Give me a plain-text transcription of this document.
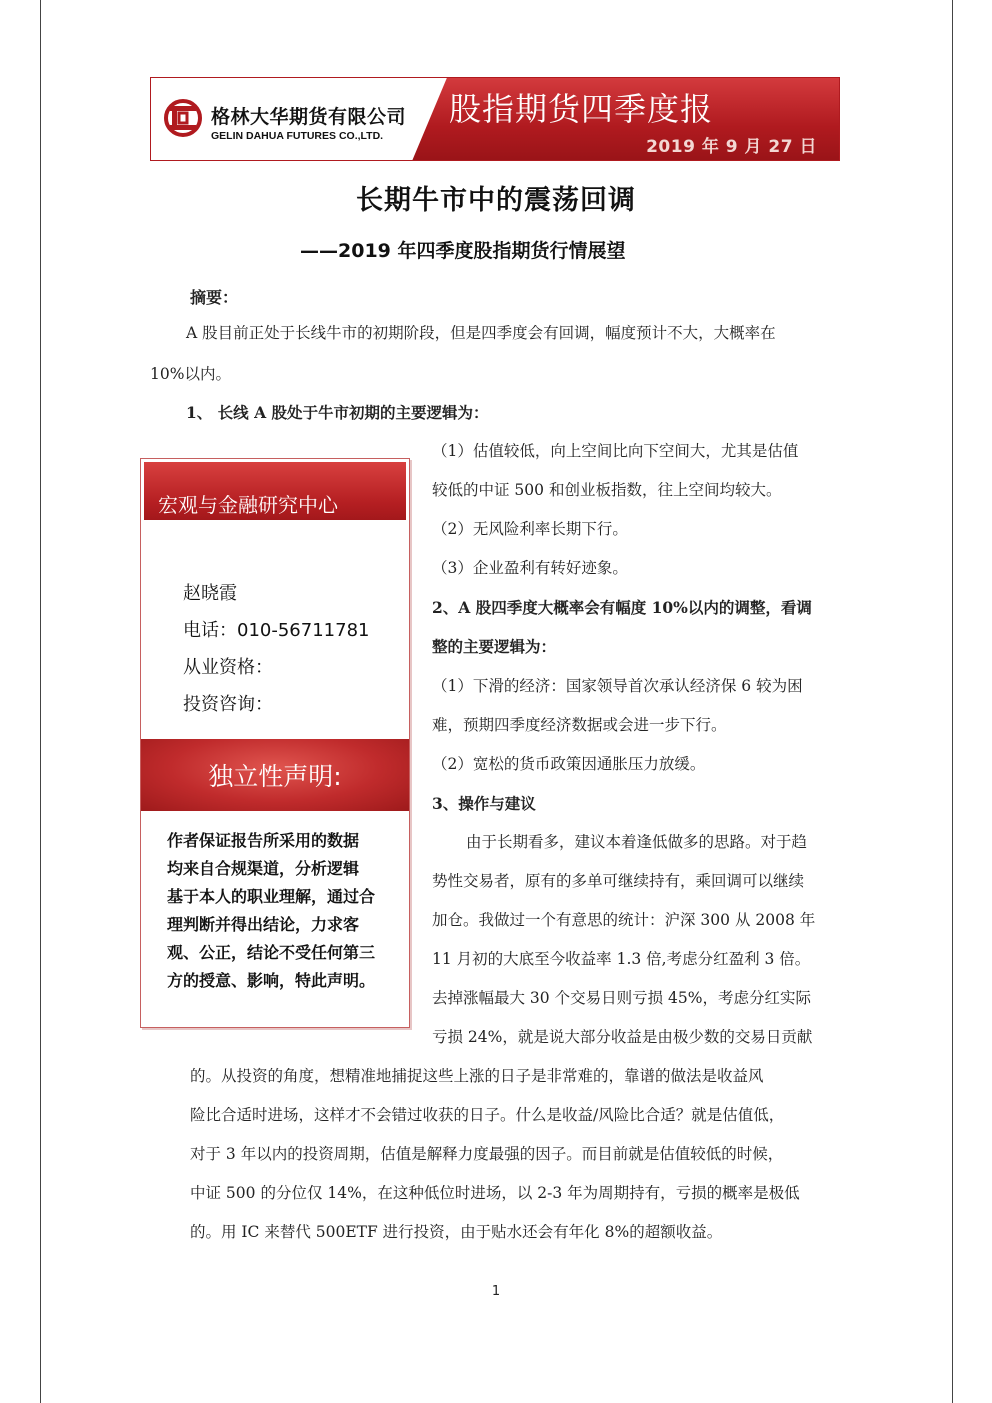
格林大华期货有限公司
GELIN DAHUA FUTURES CO.,LTD.
股指期货四季度报
2019 年 9 月 27 日
长期牛市中的震荡回调
——2019 年四季度股指期货行情展望
摘要：
A 股目前正处于长线牛市的初期阶段，但是四季度会有回调，幅度预计不大，大概率在
10%以内。
1、 长线 A 股处于牛市初期的主要逻辑为：
（1）估值较低，向上空间比向下空间大，尤其是估值
较低的中证 500 和创业板指数，往上空间均较大。
（2）无风险利率长期下行。
（3）企业盈利有转好迹象。
2、A 股四季度大概率会有幅度 10%以内的调整，看调
整的主要逻辑为：
（1）下滑的经济：国家领导首次承认经济保 6 较为困
难，预期四季度经济数据或会进一步下行。
（2）宽松的货币政策因通胀压力放缓。
3、操作与建议
由于长期看多，建议本着逢低做多的思路。对于趋
势性交易者，原有的多单可继续持有，乘回调可以继续
加仓。我做过一个有意思的统计：沪深 300 从 2008 年
11 月初的大底至今收益率 1.3 倍,考虑分红盈利 3 倍。
去掉涨幅最大 30 个交易日则亏损 45%，考虑分红实际
亏损 24%，就是说大部分收益是由极少数的交易日贡献
的。从投资的角度，想精准地捕捉这些上涨的日子是非常难的，靠谱的做法是收益风
险比合适时进场，这样才不会错过收获的日子。什么是收益/风险比合适？就是估值低，
对于 3 年以内的投资周期，估值是解释力度最强的因子。而目前就是估值较低的时候，
中证 500 的分位仅 14%，在这种低位时进场，以 2-3 年为周期持有，亏损的概率是极低
的。用 IC 来替代 500ETF 进行投资，由于贴水还会有年化 8%的超额收益。
宏观与金融研究中心
赵晓霞
电话：010-56711781
从业资格：
投资咨询：
独立性声明:
作者保证报告所采用的数据
均来自合规渠道，分析逻辑
基于本人的职业理解，通过合
理判断并得出结论，力求客
观、公正，结论不受任何第三
方的授意、影响，特此声明。
1
